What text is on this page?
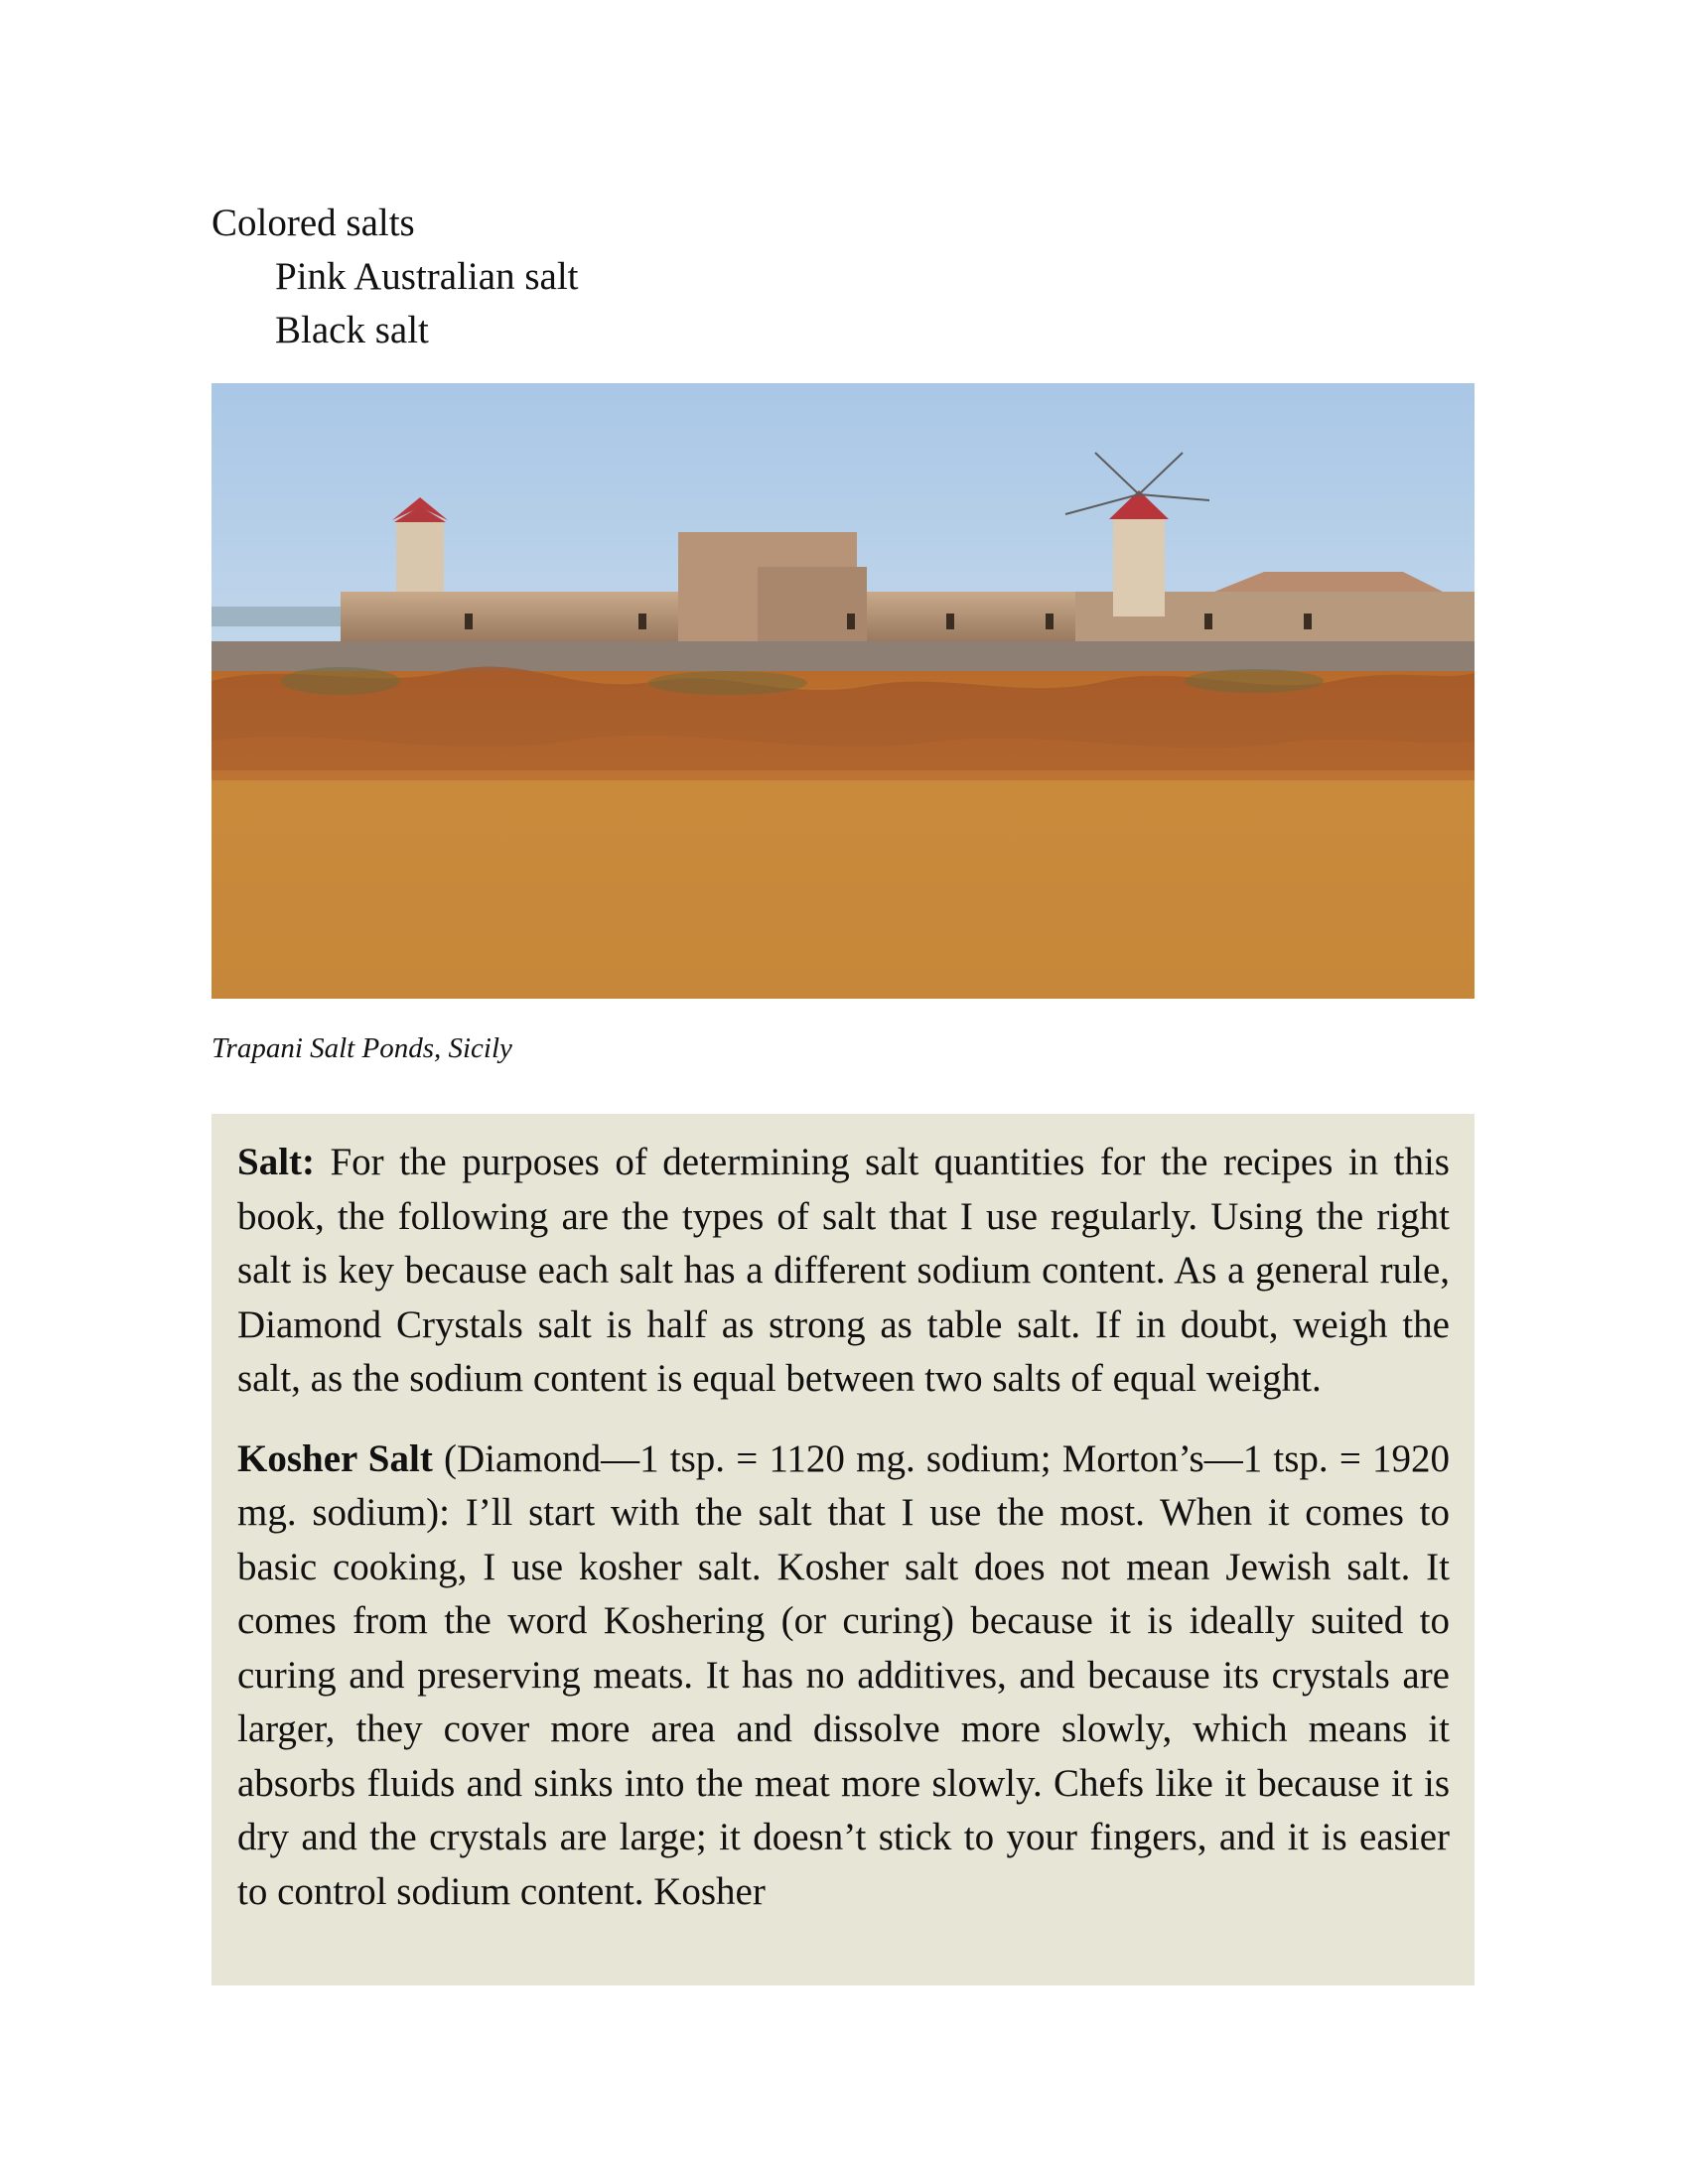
Colored salts
Pink Australian salt
Black salt
Trapani Salt Ponds, Sicily

Salt: For the purposes of determining salt quantities for the recipes in this book, the following are the types of salt that I use regularly. Using the right salt is key because each salt has a different sodium content. As a general rule, Diamond Crystals salt is half as strong as table salt. If in doubt, weigh the salt, as the sodium content is equal between two salts of equal weight.

Kosher Salt (Diamond—1 tsp. = 1120 mg. sodium; Morton’s—1 tsp. = 1920 mg. sodium): I’ll start with the salt that I use the most. When it comes to basic cooking, I use kosher salt. Kosher salt does not mean Jewish salt. It comes from the word Koshering (or curing) because it is ideally suited to curing and preserving meats. It has no additives, and because its crystals are larger, they cover more area and dissolve more slowly, which means it absorbs fluids and sinks into the meat more slowly. Chefs like it because it is dry and the crystals are large; it doesn’t stick to your fingers, and it is easier to control sodium content. Kosher
